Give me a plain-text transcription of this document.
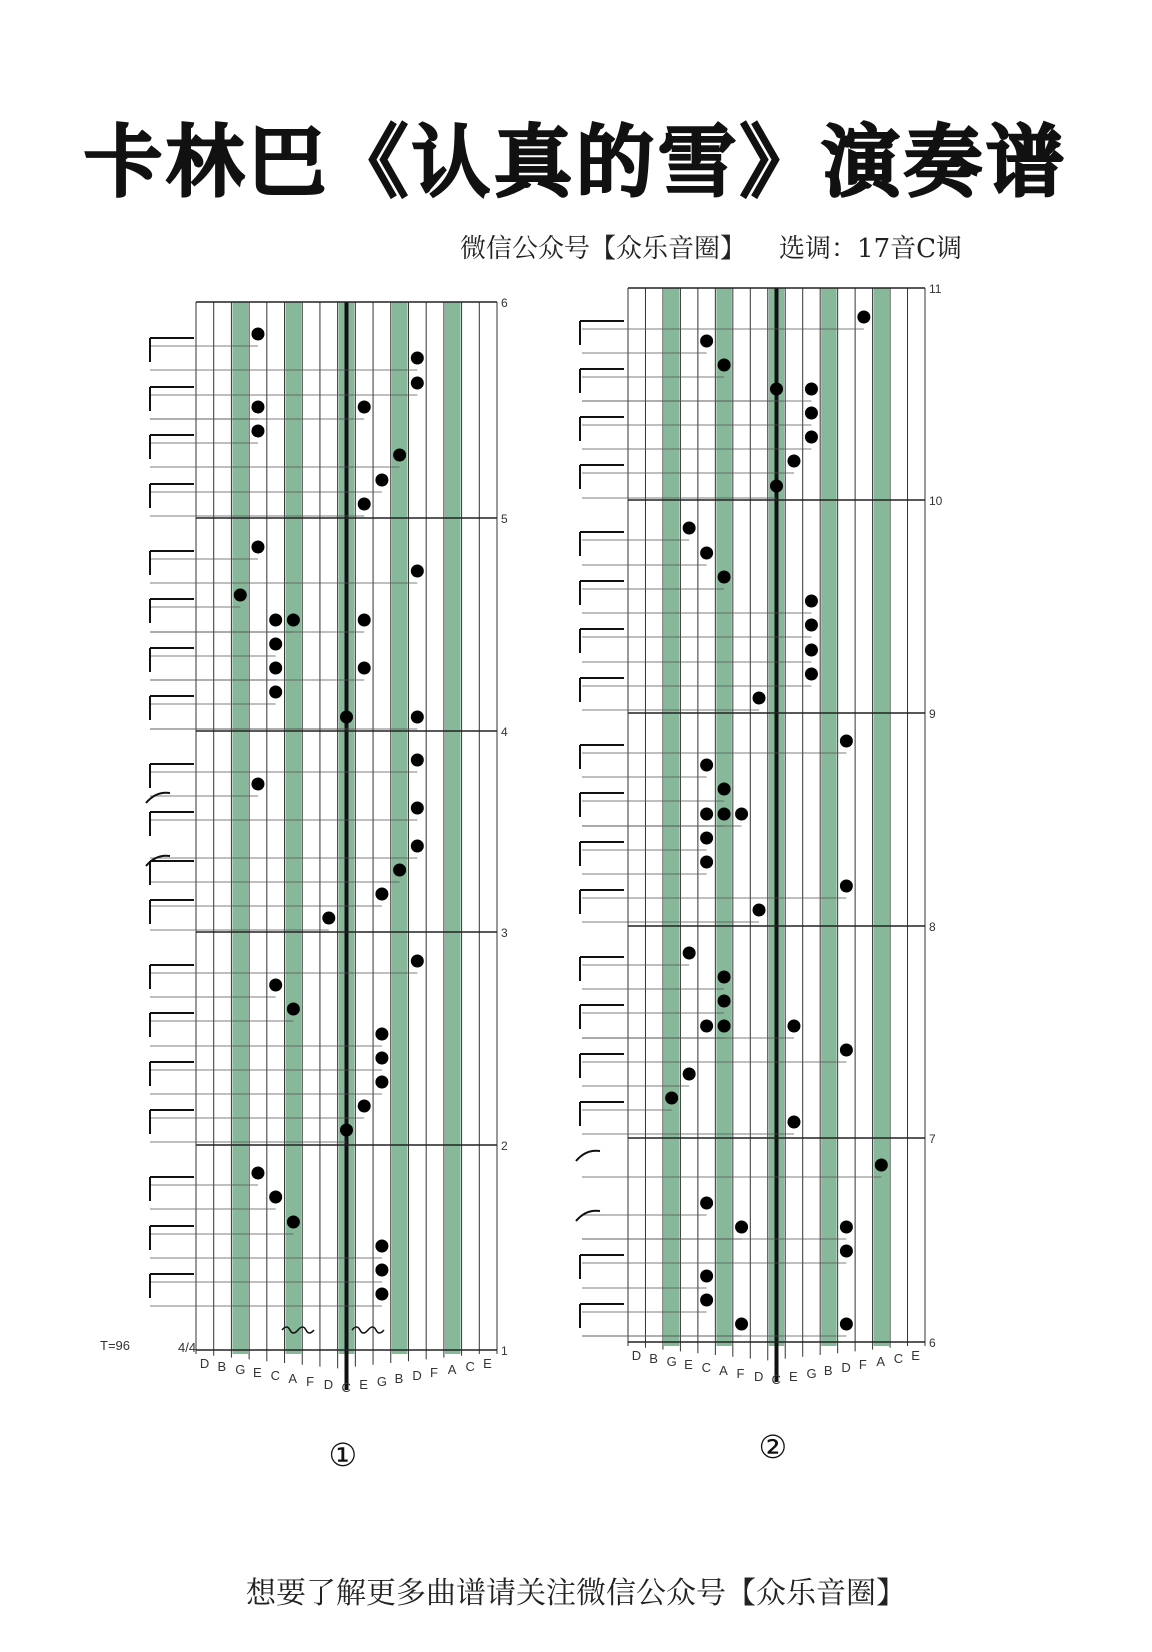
卡林巴《认真的雪》演奏谱
微信公众号【众乐音圈】    选调：17音C调
1
2
3
4
5
6
D B G E C A F D C E G B D F A C E
①
6
7
8
9
10
11
D B G E C A F D C E G B D F A C E
②
T=96	4/4
想要了解更多曲谱请关注微信公众号【众乐音圈】
